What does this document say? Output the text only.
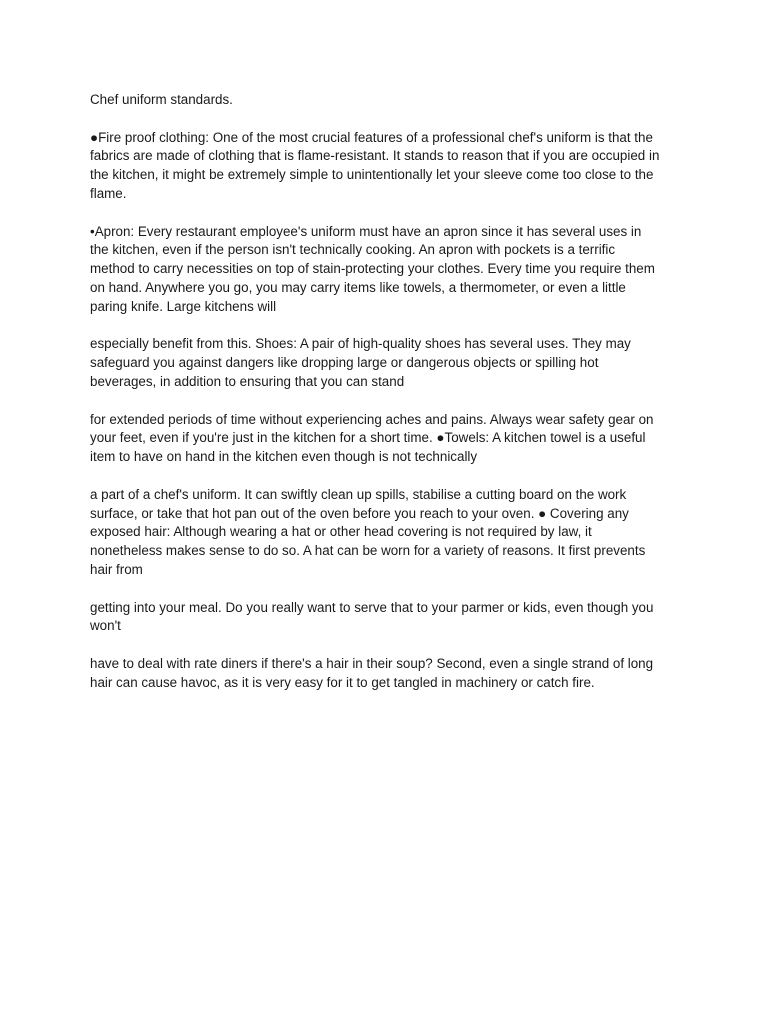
Chef uniform standards.

●Fire proof clothing: One of the most crucial features of a professional chef's uniform is that the
fabrics are made of clothing that is flame-resistant. It stands to reason that if you are occupied in
the kitchen, it might be extremely simple to unintentionally let your sleeve come too close to the
flame.

•Apron: Every restaurant employee's uniform must have an apron since it has several uses in
the kitchen, even if the person isn't technically cooking. An apron with pockets is a terrific
method to carry necessities on top of stain-protecting your clothes. Every time you require them
on hand. Anywhere you go, you may carry items like towels, a thermometer, or even a little
paring knife. Large kitchens will

especially benefit from this. Shoes: A pair of high-quality shoes has several uses. They may
safeguard you against dangers like dropping large or dangerous objects or spilling hot
beverages, in addition to ensuring that you can stand

for extended periods of time without experiencing aches and pains. Always wear safety gear on
your feet, even if you're just in the kitchen for a short time. ●Towels: A kitchen towel is a useful
item to have on hand in the kitchen even though is not technically

a part of a chef's uniform. It can swiftly clean up spills, stabilise a cutting board on the work
surface, or take that hot pan out of the oven before you reach to your oven. ● Covering any
exposed hair: Although wearing a hat or other head covering is not required by law, it
nonetheless makes sense to do so. A hat can be worn for a variety of reasons. It first prevents
hair from

getting into your meal. Do you really want to serve that to your parmer or kids, even though you
won't

have to deal with rate diners if there's a hair in their soup? Second, even a single strand of long
hair can cause havoc, as it is very easy for it to get tangled in machinery or catch fire.
